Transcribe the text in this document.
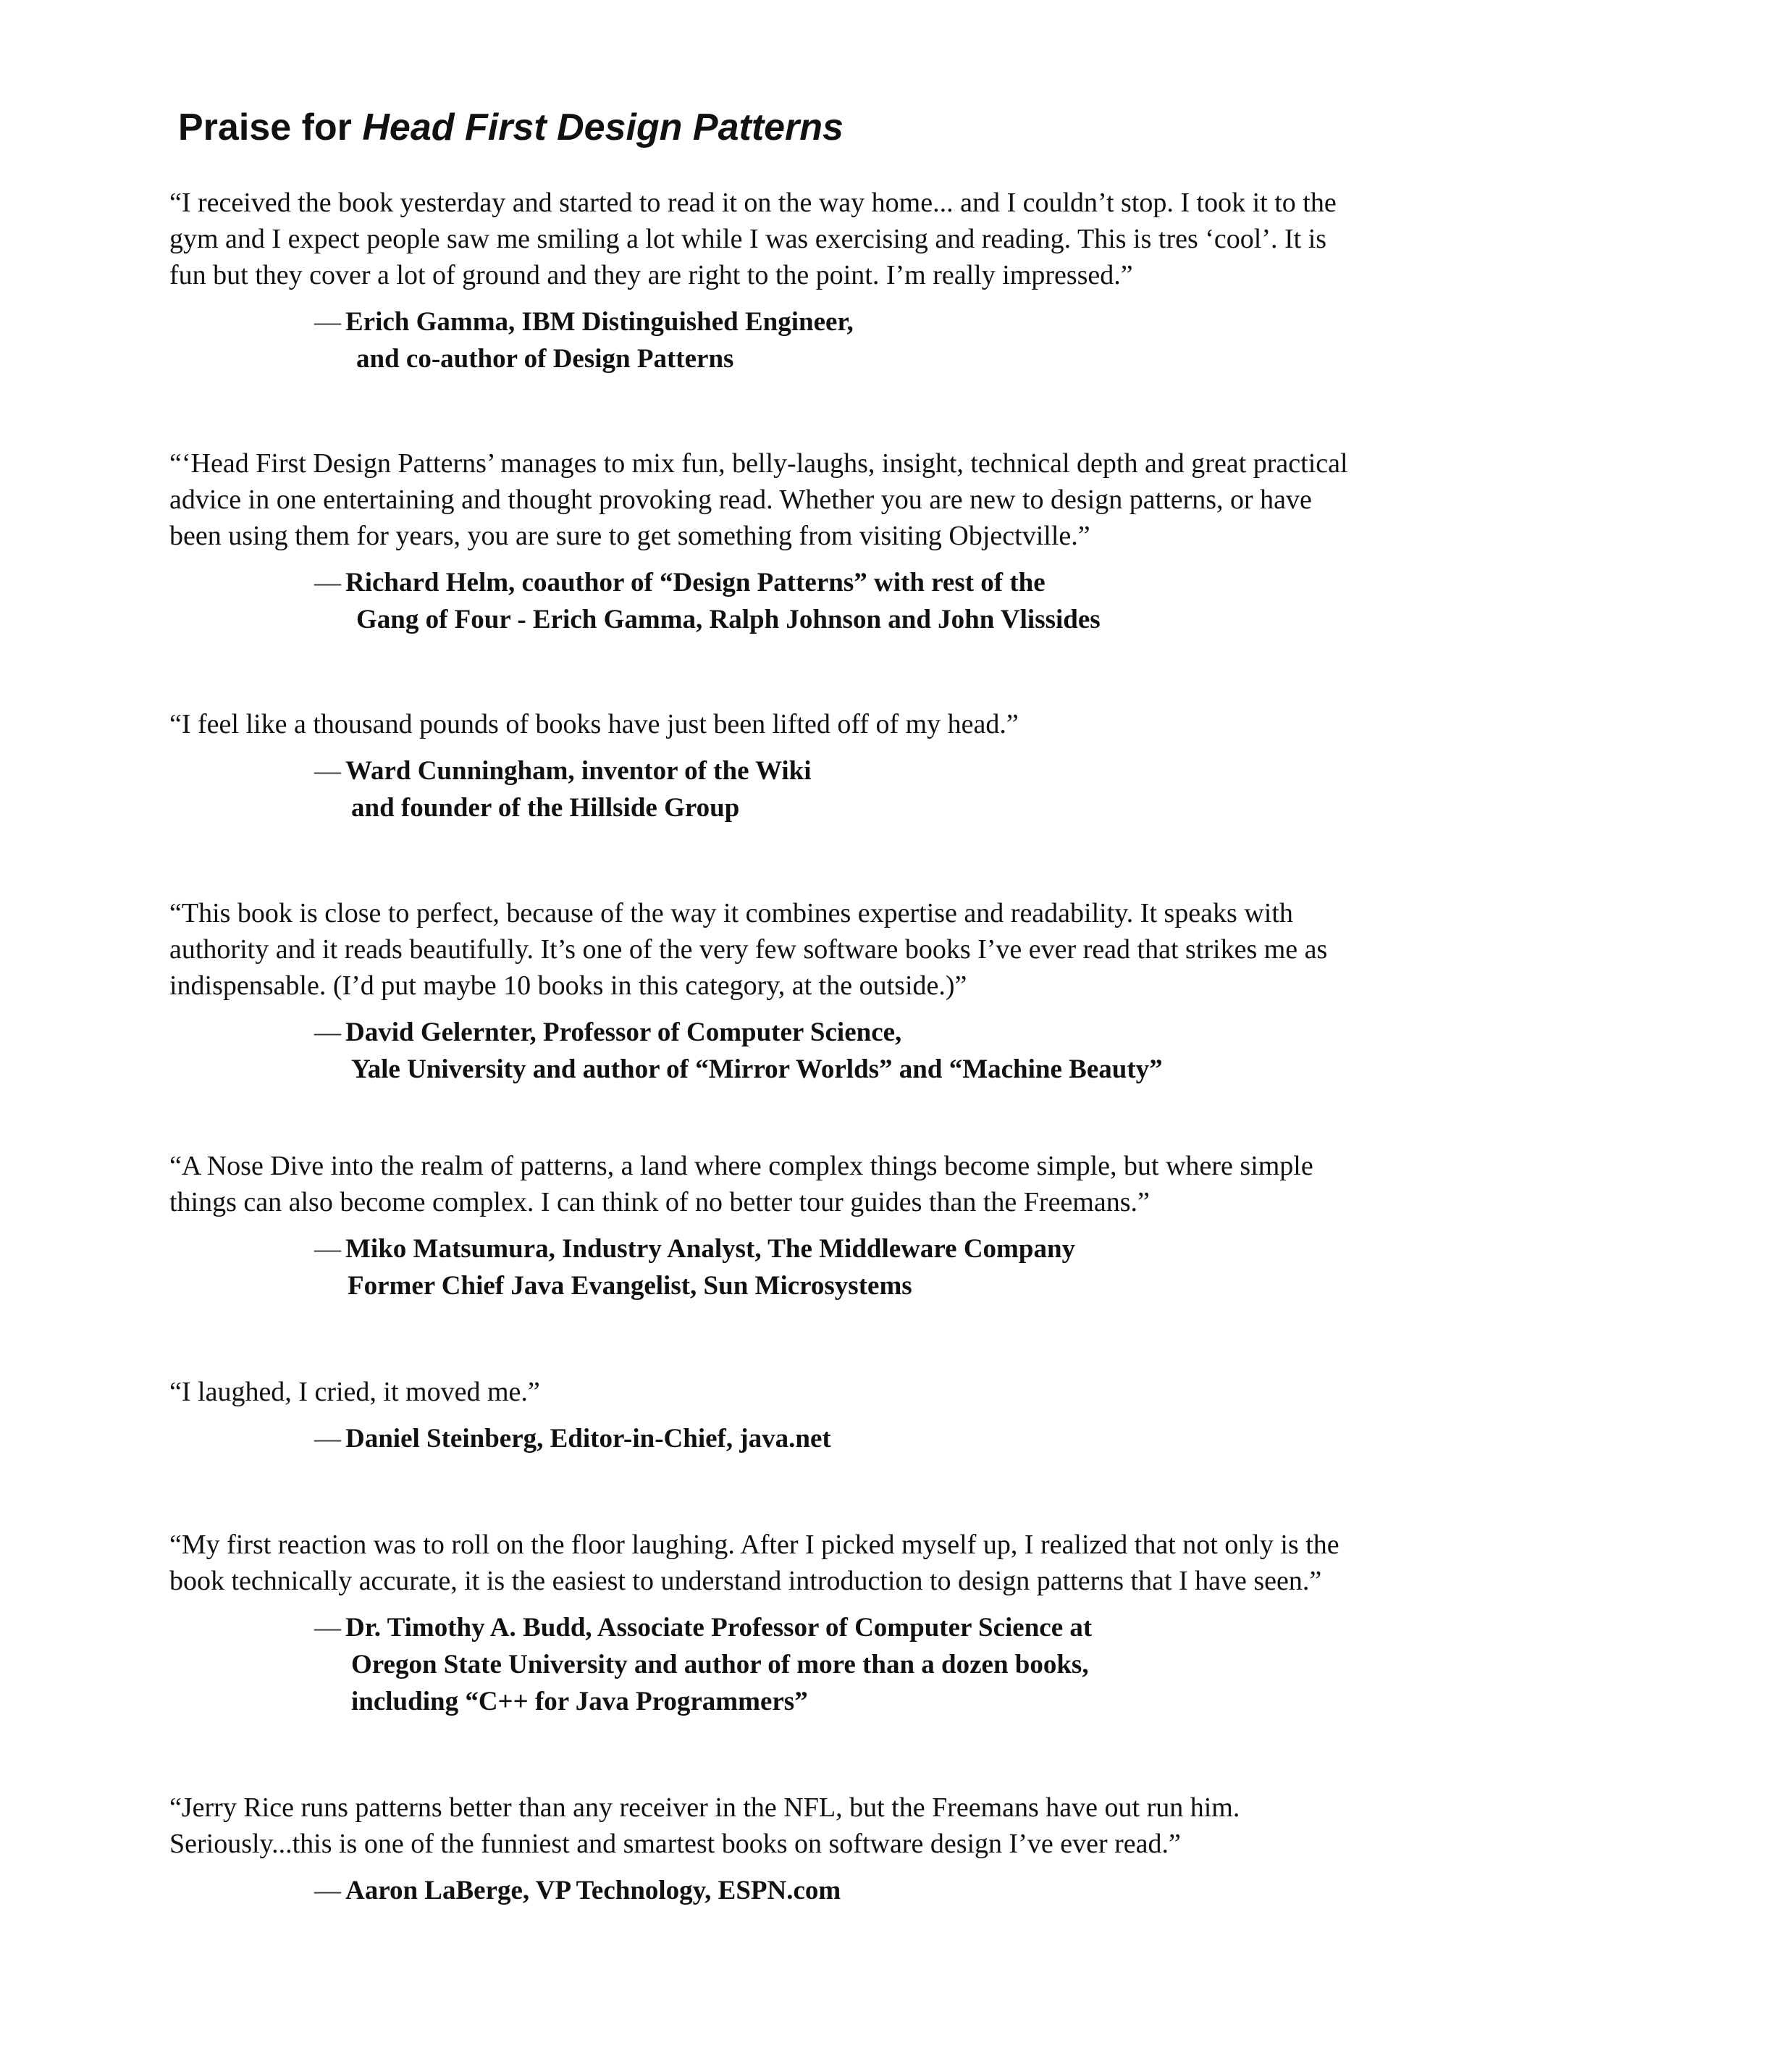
Praise for Head First Design Patterns

“I received the book yesterday and started to read it on the way home... and I couldn’t stop. I took it to the
gym and I expect people saw me smiling a lot while I was exercising and reading. This is tres ‘cool’. It is
fun but they cover a lot of ground and they are right to the point. I’m really impressed.”

— Erich Gamma, IBM Distinguished Engineer,
and co-author of Design Patterns

“‘Head First Design Patterns’ manages to mix fun, belly-laughs, insight, technical depth and great practical
advice in one entertaining and thought provoking read. Whether you are new to design patterns, or have
been using them for years, you are sure to get something from visiting Objectville.”

— Richard Helm, coauthor of “Design Patterns” with rest of the
Gang of Four - Erich Gamma, Ralph Johnson and John Vlissides

“I feel like a thousand pounds of books have just been lifted off of my head.”

— Ward Cunningham, inventor of the Wiki
and founder of the Hillside Group

“This book is close to perfect, because of the way it combines expertise and readability. It speaks with
authority and it reads beautifully. It’s one of the very few software books I’ve ever read that strikes me as
indispensable. (I’d put maybe 10 books in this category, at the outside.)”

— David Gelernter, Professor of Computer Science,
Yale University and author of “Mirror Worlds” and “Machine Beauty”

“A Nose Dive into the realm of patterns, a land where complex things become simple, but where simple
things can also become complex. I can think of no better tour guides than the Freemans.”

— Miko Matsumura, Industry Analyst, The Middleware Company
Former Chief Java Evangelist, Sun Microsystems

“I laughed, I cried, it moved me.”

— Daniel Steinberg, Editor-in-Chief, java.net

“My first reaction was to roll on the floor laughing. After I picked myself up, I realized that not only is the
book technically accurate, it is the easiest to understand introduction to design patterns that I have seen.”

— Dr. Timothy A. Budd, Associate Professor of Computer Science at
Oregon State University and author of more than a dozen books,
including “C++ for Java Programmers”

“Jerry Rice runs patterns better than any receiver in the NFL, but the Freemans have out run him.
Seriously...this is one of the funniest and smartest books on software design I’ve ever read.”

— Aaron LaBerge, VP Technology, ESPN.com
